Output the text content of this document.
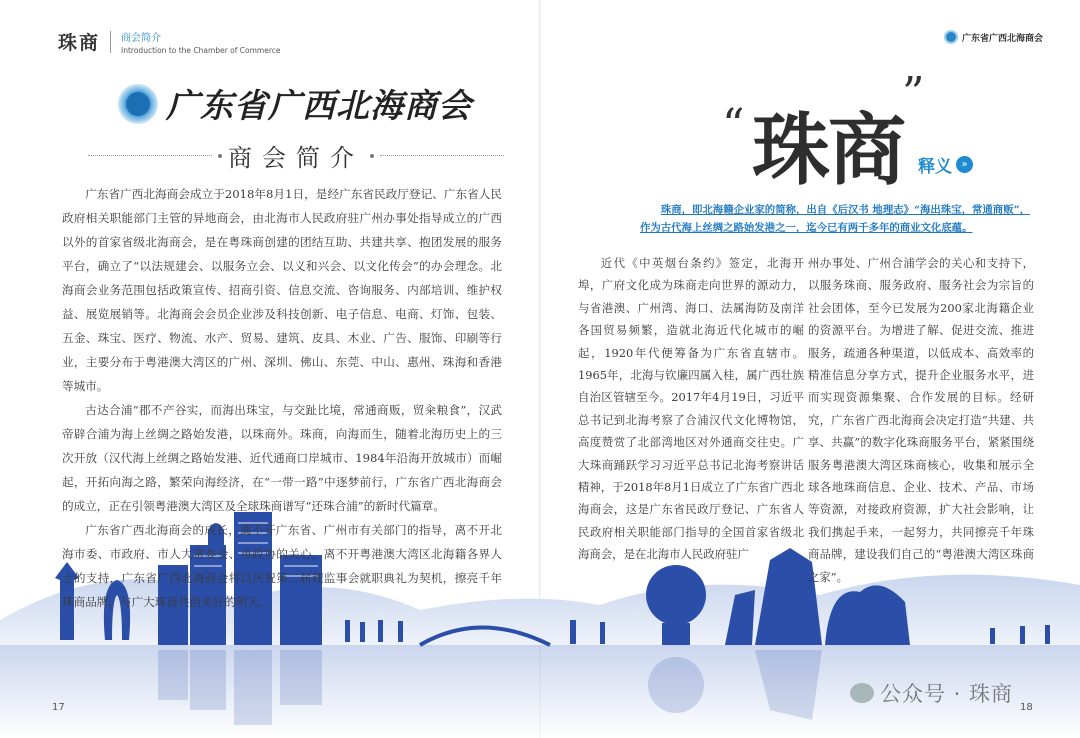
珠商 商会简介
Introduction to the Chamber of Commerce
广东省广西北海商会
广东省广西北海商会
商会简介

广东省广西北海商会成立于2018年8月1日，是经广东省民政厅登记、广东省人民政府相关职能部门主管的异地商会，由北海市人民政府驻广州办事处指导成立的广西以外的首家省级北海商会，是在粤珠商创建的团结互助、共建共享、抱团发展的服务平台，确立了“以法规建会、以服务立会、以义和兴会、以文化传会”的办会理念。北海商会业务范围包括政策宣传、招商引资、信息交流、咨询服务、内部培训、维护权益、展览展销等。北海商会会员企业涉及科技创新、电子信息、电商、灯饰、包装、五金、珠宝、医疗、物流、水产、贸易、建筑、皮具、木业、广告、服饰、印刷等行业，主要分布于粤港澳大湾区的广州、深圳、佛山、东莞、中山、惠州、珠海和香港等城市。

古达合浦“郡不产谷实，而海出珠宝，与交趾比境，常通商贩，贸籴粮食”，汉武帝辟合浦为海上丝绸之路始发港，以珠商外。珠商，向海而生，随着北海历史上的三次开放（汉代海上丝绸之路始发港、近代通商口岸城市、1984年沿海开放城市）而崛起，开拓向海之路，繁荣向海经济，在“一带一路”中逐梦前行，广东省广西北海商会的成立，正在引领粤港澳大湾区及全球珠商谱写“还珠合浦”的新时代篇章。

广东省广西北海商会的成长，离不开广东省、广州市有关部门的指导，离不开北海市委、市政府、市人大常委会、市政协的关心，离不开粤港澳大湾区北海籍各界人士的支持，广东省广西北海商会将以庆祝第二届理监事会就职典礼为契机，擦亮千年珠商品牌，与广大珠商共创美好的明天。

“ 珠商
”
释义 »

珠商，即北海籍企业家的简称，出自《后汉书 地理志》“海出珠宝，常通商贩”，作为古代海上丝绸之路始发港之一，迄今已有两千多年的商业文化底蕴。

近代《中英烟台条约》签定，北海开埠，广府文化成为珠商走向世界的源动力，与省港澳、广州湾、海口、法属海防及南洋各国贸易频繁，造就北海近代化城市的崛起，1920年代便筹备为广东省直辖市。1965年，北海与钦廉四属入桂，属广西壮族自治区管辖至今。2017年4月19日，习近平总书记到北海考察了合浦汉代文化博物馆，高度赞赏了北部湾地区对外通商交往史。广大珠商踊跃学习习近平总书记北海考察讲话精神，于2018年8月1日成立了广东省广西北海商会，这是广东省民政厅登记、广东省人民政府相关职能部门指导的全国首家省级北海商会，是在北海市人民政府驻广

州办事处、广州合浦学会的关心和支持下，以服务珠商、服务政府、服务社会为宗旨的社会团体，至今已发展为200家北海籍企业的资源平台。为增进了解、促进交流、推进服务，疏通各种渠道，以低成本、高效率的精准信息分享方式，提升企业服务水平，进而实现资源集聚、合作发展的目标。经研究，广东省广西北海商会决定打造“共建、共享、共赢”的数字化珠商服务平台，紧紧围绕服务粤港澳大湾区珠商核心，收集和展示全球各地珠商信息、企业、技术、产品、市场等资源，对接政府资源，扩大社会影响，让我们携起手来，一起努力，共同擦亮千年珠商品牌，建设我们自己的“粤港澳大湾区珠商之家”。

17	18
公众号 · 珠商
